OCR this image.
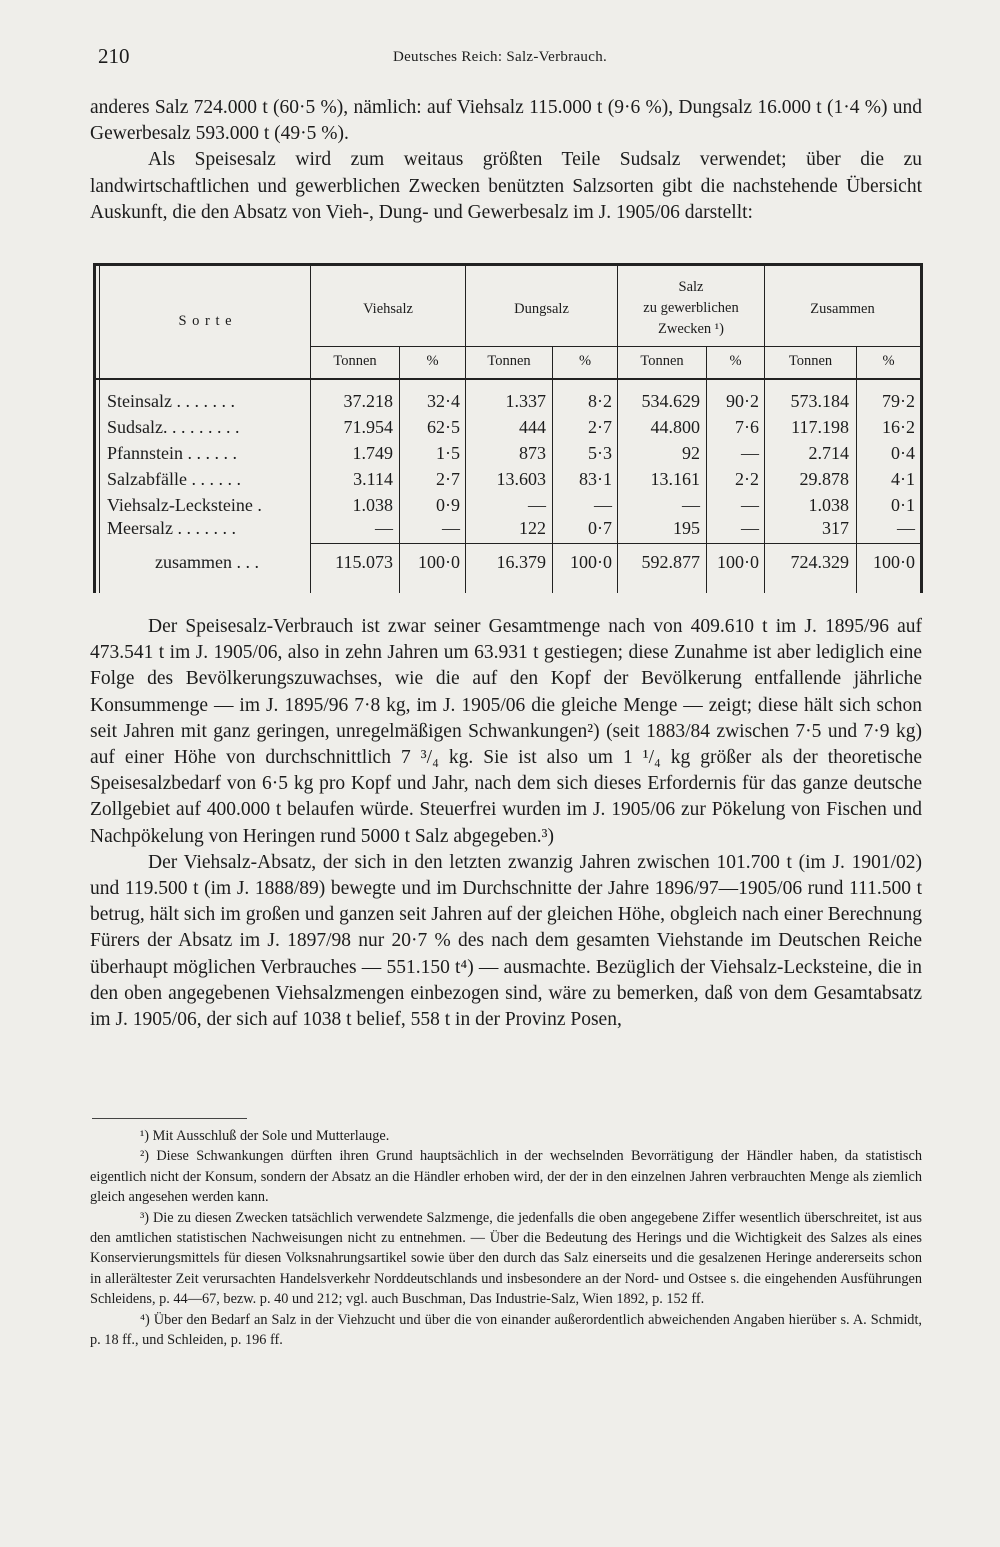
210	Deutsches Reich: Salz-Verbrauch.

anderes Salz 724.000 t (60·5 %), nämlich: auf Viehsalz 115.000 t (9·6 %), Dungsalz 16.000 t (1·4 %) und Gewerbesalz 593.000 t (49·5 %).

Als Speisesalz wird zum weitaus größten Teile Sudsalz verwendet; über die zu landwirtschaftlichen und gewerblichen Zwecken benützten Salzsorten gibt die nachstehende Übersicht Auskunft, die den Absatz von Vieh-, Dung- und Gewerbesalz im J. 1905/06 darstellt:

S o r t e
Viehsalz	Dungsalz
Salz
zu gewerblichen
Zwecken ¹)
Zusammen
Tonnen	%	Tonnen	%	Tonnen	%	Tonnen	%
Steinsalz . . . . . . .	37.218	32·4	1.337	8·2	534.629	90·2	573.184	79·2
Sudsalz. . . . . . . . .	71.954	62·5	444	2·7	44.800	7·6	117.198	16·2
Pfannstein . . . . . .	1.749	1·5	873	5·3	92	—	2.714	0·4
Salzabfälle . . . . . .	3.114	2·7	13.603	83·1	13.161	2·2	29.878	4·1
Viehsalz-Lecksteine .	1.038	0·9	—	—	—	—	1.038	0·1
Meersalz . . . . . . .	—	—	122	0·7	195	—	317	—
zusammen . . .	115.073	100·0	16.379	100·0	592.877 100·0	724.329	100·0

Der Speisesalz-Verbrauch ist zwar seiner Gesamtmenge nach von 409.610 t im J. 1895/96 auf 473.541 t im J. 1905/06, also in zehn Jahren um 63.931 t gestiegen; diese Zunahme ist aber lediglich eine Folge des Bevölkerungszuwachses, wie die auf den Kopf der Bevölkerung entfallende jährliche Konsummenge — im J. 1895/96 7·8 kg, im J. 1905/06 die gleiche Menge — zeigt; diese hält sich schon seit Jahren mit ganz geringen, unregelmäßigen Schwankungen²) (seit 1883/84 zwischen 7·5 und 7·9 kg) auf einer Höhe von durchschnittlich 7 ³/₄ kg. Sie ist also um 1 ¹/₄ kg größer als der theoretische Speisesalzbedarf von 6·5 kg pro Kopf und Jahr, nach dem sich dieses Erfordernis für das ganze deutsche Zollgebiet auf 400.000 t belaufen würde. Steuerfrei wurden im J. 1905/06 zur Pökelung von Fischen und Nachpökelung von Heringen rund 5000 t Salz abgegeben.³)

Der Viehsalz-Absatz, der sich in den letzten zwanzig Jahren zwischen 101.700 t (im J. 1901/02) und 119.500 t (im J. 1888/89) bewegte und im Durchschnitte der Jahre 1896/97—1905/06 rund 111.500 t betrug, hält sich im großen und ganzen seit Jahren auf der gleichen Höhe, obgleich nach einer Berechnung Fürers der Absatz im J. 1897/98 nur 20·7 % des nach dem gesamten Viehstande im Deutschen Reiche überhaupt möglichen Verbrauches — 551.150 t⁴) — ausmachte. Bezüglich der Viehsalz-Lecksteine, die in den oben angegebenen Viehsalzmengen einbezogen sind, wäre zu bemerken, daß von dem Gesamtabsatz im J. 1905/06, der sich auf 1038 t belief, 558 t in der Provinz Posen,

¹) Mit Ausschluß der Sole und Mutterlauge.

²) Diese Schwankungen dürften ihren Grund hauptsächlich in der wechselnden Bevorrätigung der Händler haben, da statistisch eigentlich nicht der Konsum, sondern der Absatz an die Händler erhoben wird, der der in den einzelnen Jahren verbrauchten Menge als ziemlich gleich angesehen werden kann.

³) Die zu diesen Zwecken tatsächlich verwendete Salzmenge, die jedenfalls die oben angegebene Ziffer wesentlich überschreitet, ist aus den amtlichen statistischen Nachweisungen nicht zu entnehmen. — Über die Bedeutung des Herings und die Wichtigkeit des Salzes als eines Konservierungsmittels für diesen Volksnahrungsartikel sowie über den durch das Salz einerseits und die gesalzenen Heringe andererseits schon in allerältester Zeit verursachten Handelsverkehr Norddeutschlands und insbesondere an der Nord- und Ostsee s. die eingehenden Ausführungen Schleidens, p. 44—67, bezw. p. 40 und 212; vgl. auch Buschman, Das Industrie-Salz, Wien 1892, p. 152 ff.

⁴) Über den Bedarf an Salz in der Viehzucht und über die von einander außerordentlich abweichenden Angaben hierüber s. A. Schmidt, p. 18 ff., und Schleiden, p. 196 ff.
